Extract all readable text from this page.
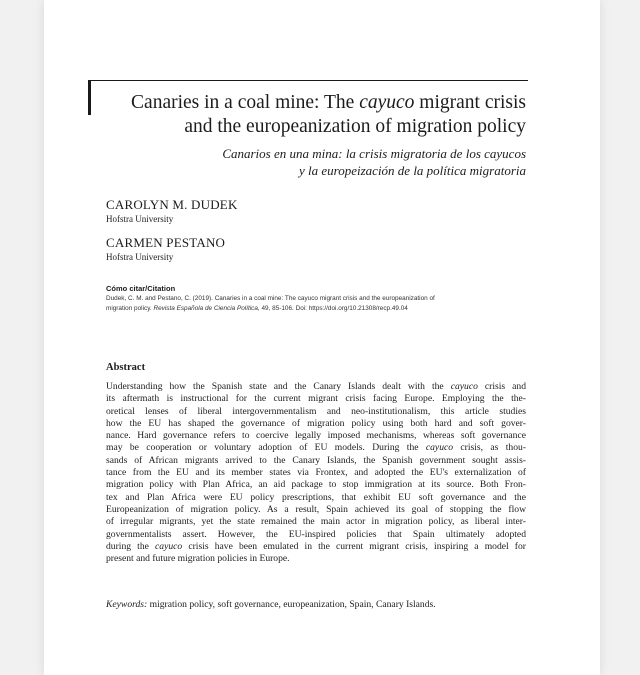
Canaries in a coal mine: The cayuco migrant crisis
and the europeanization of migration policy
Canarios en una mina: la crisis migratoria de los cayucos
y la europeización de la política migratoria
CAROLYN M. DUDEK
Hofstra University
CARMEN PESTANO
Hofstra University
Cómo citar/Citation
Dudek, C. M. and Pestano, C. (2019). Canaries in a coal mine: The cayuco migrant crisis and the europeanization of
migration policy. Revista Española de Ciencia Política, 49, 85-106. Doi: https://doi.org/10.21308/recp.49.04
Abstract
Understanding how the Spanish state and the Canary Islands dealt with the cayuco crisis and
its aftermath is instructional for the current migrant crisis facing Europe. Employing the the-
oretical lenses of liberal intergovernmentalism and neo-institutionalism, this article studies
how the EU has shaped the governance of migration policy using both hard and soft gover-
nance. Hard governance refers to coercive legally imposed mechanisms, whereas soft governance
may be cooperation or voluntary adoption of EU models. During the cayuco crisis, as thou-
sands of African migrants arrived to the Canary Islands, the Spanish government sought assis-
tance from the EU and its member states via Frontex, and adopted the EU's externalization of
migration policy with Plan Africa, an aid package to stop immigration at its source. Both Fron-
tex and Plan Africa were EU policy prescriptions, that exhibit EU soft governance and the
Europeanization of migration policy. As a result, Spain achieved its goal of stopping the flow
of irregular migrants, yet the state remained the main actor in migration policy, as liberal inter-
governmentalists assert. However, the EU-inspired policies that Spain ultimately adopted
during the cayuco crisis have been emulated in the current migrant crisis, inspiring a model for
present and future migration policies in Europe.
Keywords: migration policy, soft governance, europeanization, Spain, Canary Islands.
